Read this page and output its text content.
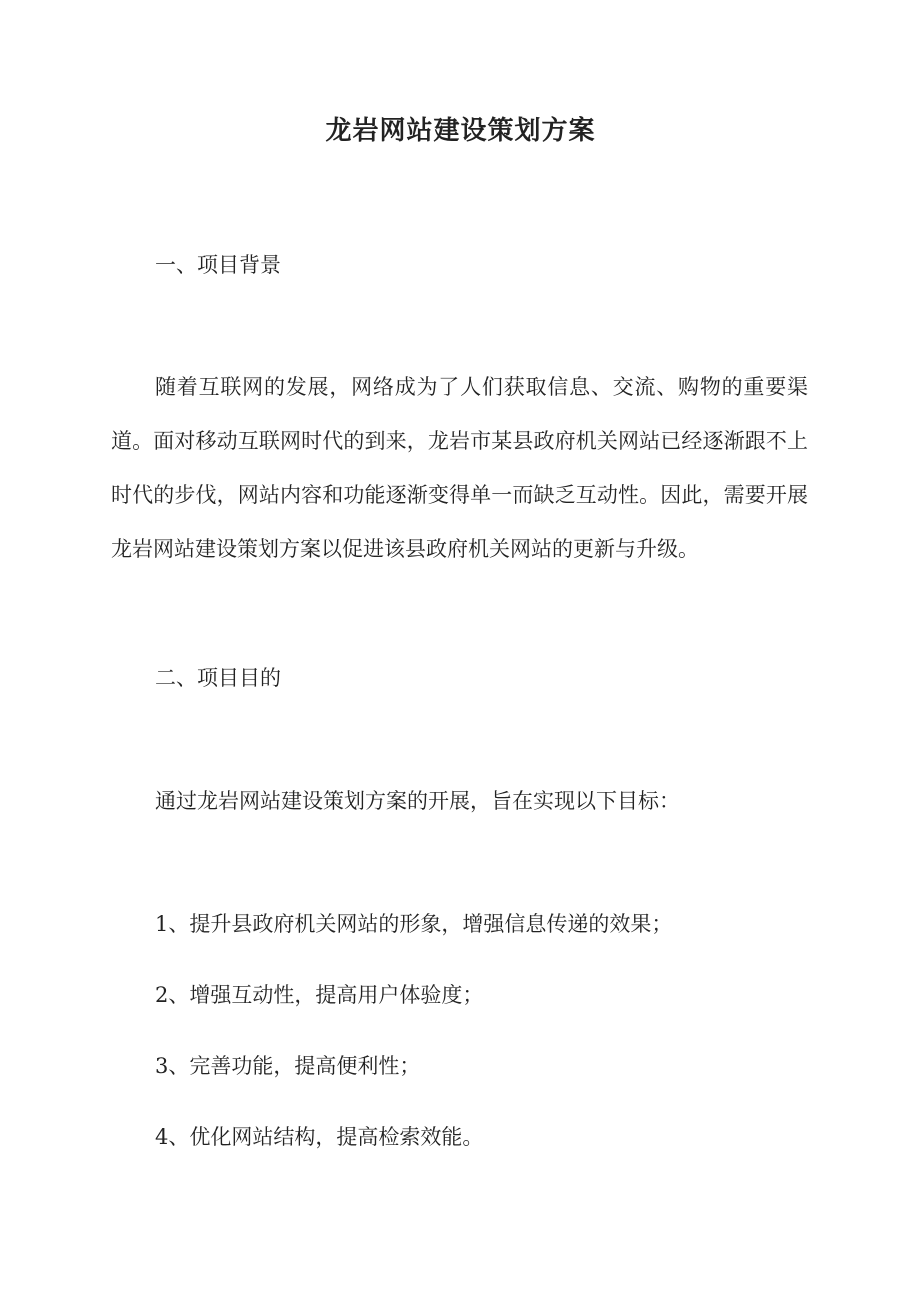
龙岩网站建设策划方案
一、项目背景

随着互联网的发展，网络成为了人们获取信息、交流、购物的重要渠道。面对移动互联网时代的到来，龙岩市某县政府机关网站已经逐渐跟不上时代的步伐，网站内容和功能逐渐变得单一而缺乏互动性。因此，需要开展龙岩网站建设策划方案以促进该县政府机关网站的更新与升级。

二、项目目的
通过龙岩网站建设策划方案的开展，旨在实现以下目标：
1、提升县政府机关网站的形象，增强信息传递的效果；
2、增强互动性，提高用户体验度；
3、完善功能，提高便利性；
4、优化网站结构，提高检索效能。
